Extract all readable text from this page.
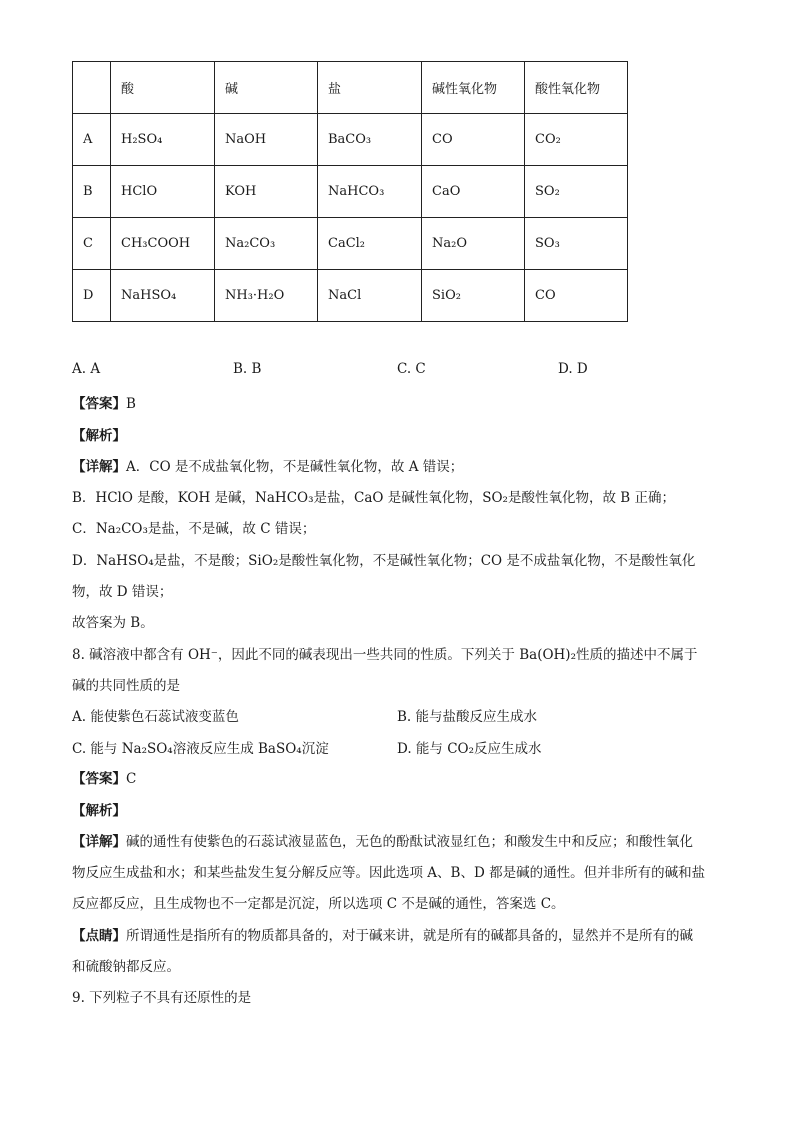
	酸	碱	盐	碱性氧化物	酸性氧化物
A	H₂SO₄	NaOH	BaCO₃	CO	CO₂
B	HClO	KOH	NaHCO₃	CaO	SO₂
C	CH₃COOH	Na₂CO₃	CaCl₂	Na₂O	SO₃
D	NaHSO₄	NH₃·H₂O	NaCl	SiO₂	CO
A. A	B. B	C. C	D. D
【答案】B
【解析】
【详解】A．CO 是不成盐氧化物，不是碱性氧化物，故 A 错误；
B．HClO 是酸，KOH 是碱，NaHCO₃是盐，CaO 是碱性氧化物，SO₂是酸性氧化物，故 B 正确；
C．Na₂CO₃是盐，不是碱，故 C 错误；
D．NaHSO₄是盐，不是酸；SiO₂是酸性氧化物，不是碱性氧化物；CO 是不成盐氧化物，不是酸性氧化
物，故 D 错误；
故答案为 B。
8. 碱溶液中都含有 OH⁻，因此不同的碱表现出一些共同的性质。下列关于 Ba(OH)₂性质的描述中不属于
碱的共同性质的是
A. 能使紫色石蕊试液变蓝色	B. 能与盐酸反应生成水
C. 能与 Na₂SO₄溶液反应生成 BaSO₄沉淀	D. 能与 CO₂反应生成水
【答案】C
【解析】
【详解】碱的通性有使紫色的石蕊试液显蓝色，无色的酚酞试液显红色；和酸发生中和反应；和酸性氧化
物反应生成盐和水；和某些盐发生复分解反应等。因此选项 A、B、D 都是碱的通性。但并非所有的碱和盐
反应都反应，且生成物也不一定都是沉淀，所以选项 C 不是碱的通性，答案选 C。
【点睛】所谓通性是指所有的物质都具备的，对于碱来讲，就是所有的碱都具备的，显然并不是所有的碱
和硫酸钠都反应。
9. 下列粒子不具有还原性的是
